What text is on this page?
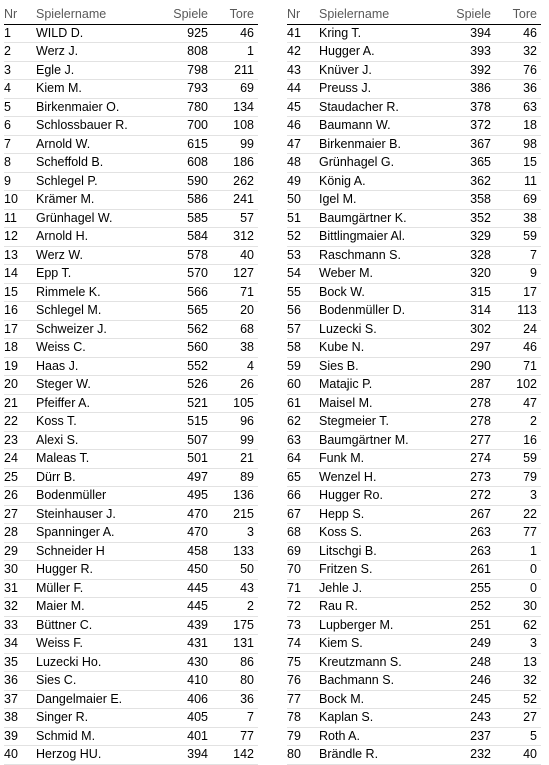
Nr	Spielername	Spiele	Tore
1	WILD D.	925	46
2	Werz J.	808	1
3	Egle J.	798	211
4	Kiem M.	793	69
5	Birkenmaier O.	780	134
6	Schlossbauer R.	700	108
7	Arnold W.	615	99
8	Scheffold B.	608	186
9	Schlegel P.	590	262
10	Krämer M.	586	241
11	Grünhagel W.	585	57
12	Arnold H.	584	312
13	Werz W.	578	40
14	Epp T.	570	127
15	Rimmele K.	566	71
16	Schlegel M.	565	20
17	Schweizer J.	562	68
18	Weiss C.	560	38
19	Haas J.	552	4
20	Steger W.	526	26
21	Pfeiffer A.	521	105
22	Koss T.	515	96
23	Alexi S.	507	99
24	Maleas T.	501	21
25	Dürr B.	497	89
26	Bodenmüller	495	136
27	Steinhauser J.	470	215
28	Spanninger A.	470	3
29	Schneider H	458	133
30	Hugger R.	450	50
31	Müller F.	445	43
32	Maier M.	445	2
33	Büttner C.	439	175
34	Weiss F.	431	131
35	Luzecki Ho.	430	86
36	Sies C.	410	80
37	Dangelmaier E.	406	36
38	Singer R.	405	7
39	Schmid M.	401	77
40	Herzog HU.	394	142
Nr	Spielername	Spiele	Tore
41	Kring T.	394	46
42	Hugger A.	393	32
43	Knüver J.	392	76
44	Preuss J.	386	36
45	Staudacher R.	378	63
46	Baumann W.	372	18
47	Birkenmaier B.	367	98
48	Grünhagel G.	365	15
49	König A.	362	11
50	Igel M.	358	69
51	Baumgärtner K.	352	38
52	Bittlingmaier Al.	329	59
53	Raschmann S.	328	7
54	Weber M.	320	9
55	Bock W.	315	17
56	Bodenmüller D.	314	113
57	Luzecki S.	302	24
58	Kube N.	297	46
59	Sies B.	290	71
60	Matajic P.	287	102
61	Maisel M.	278	47
62	Stegmeier T.	278	2
63	Baumgärtner M.	277	16
64	Funk M.	274	59
65	Wenzel H.	273	79
66	Hugger Ro.	272	3
67	Hepp S.	267	22
68	Koss S.	263	77
69	Litschgi B.	263	1
70	Fritzen S.	261	0
71	Jehle J.	255	0
72	Rau R.	252	30
73	Lupberger M.	251	62
74	Kiem S.	249	3
75	Kreutzmann S.	248	13
76	Bachmann S.	246	32
77	Bock M.	245	52
78	Kaplan S.	243	27
79	Roth A.	237	5
80	Brändle R.	232	40
